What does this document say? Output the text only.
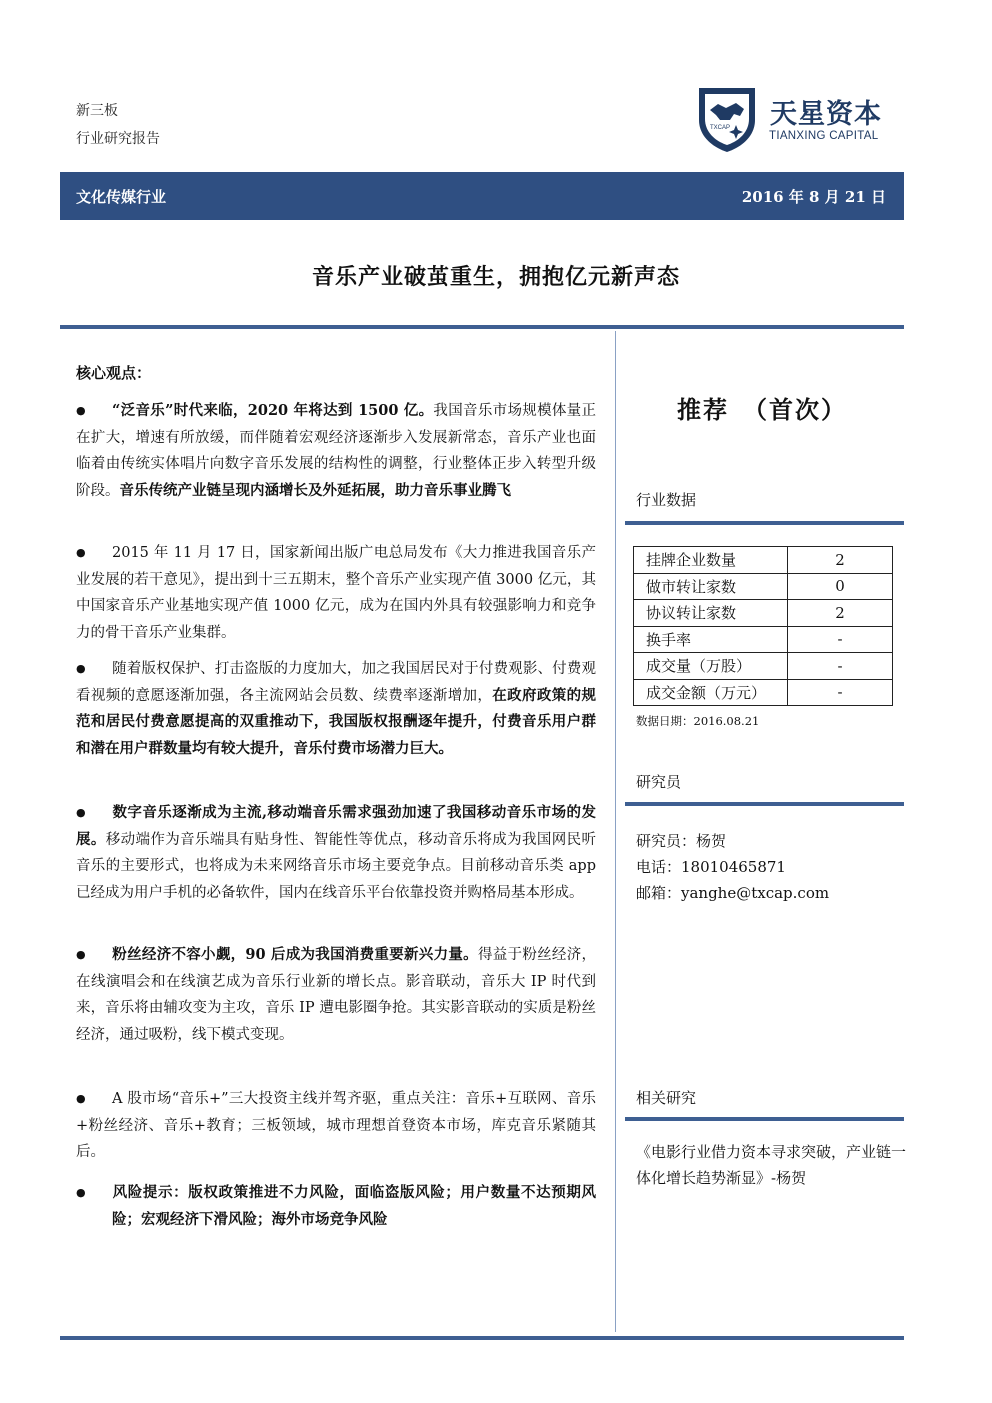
新三板
行业研究报告
TXCAP 天星资本
TIANXING CAPITAL
文化传媒行业	2016 年 8 月 21 日
音乐产业破茧重生，拥抱亿元新声态
核心观点：
● “泛音乐”时代来临，2020 年将达到 1500 亿。我国音乐市场规模体量正在扩大，增速有所放缓，而伴随着宏观经济逐渐步入发展新常态，音乐产业也面临着由传统实体唱片向数字音乐发展的结构性的调整，行业整体正步入转型升级阶段。音乐传统产业链呈现内涵增长及外延拓展，助力音乐事业腾飞
● 2015 年 11 月 17 日，国家新闻出版广电总局发布《大力推进我国音乐产业发展的若干意见》，提出到十三五期末，整个音乐产业实现产值 3000 亿元，其中国家音乐产业基地实现产值 1000 亿元，成为在国内外具有较强影响力和竞争力的骨干音乐产业集群。
● 随着版权保护、打击盗版的力度加大，加之我国居民对于付费观影、付费观看视频的意愿逐渐加强，各主流网站会员数、续费率逐渐增加，在政府政策的规范和居民付费意愿提高的双重推动下，我国版权报酬逐年提升，付费音乐用户群和潜在用户群数量均有较大提升，音乐付费市场潜力巨大。
● 数字音乐逐渐成为主流,移动端音乐需求强劲加速了我国移动音乐市场的发展。移动端作为音乐端具有贴身性、智能性等优点，移动音乐将成为我国网民听音乐的主要形式，也将成为未来网络音乐市场主要竞争点。目前移动音乐类 app 已经成为用户手机的必备软件，国内在线音乐平台依靠投资并购格局基本形成。
● 粉丝经济不容小觑，90 后成为我国消费重要新兴力量。得益于粉丝经济，在线演唱会和在线演艺成为音乐行业新的增长点。影音联动，音乐大 IP 时代到来，音乐将由辅攻变为主攻，音乐 IP 遭电影圈争抢。其实影音联动的实质是粉丝经济，通过吸粉，线下模式变现。
● A 股市场“音乐+”三大投资主线并驾齐驱，重点关注：音乐+互联网、音乐+粉丝经济、音乐+教育；三板领域，城市理想首登资本市场，库克音乐紧随其后。
● 风险提示：版权政策推进不力风险，面临盗版风险；用户数量不达预期风险；宏观经济下滑风险；海外市场竞争风险
推荐　（首次）
行业数据
挂牌企业数量	2
做市转让家数	0
协议转让家数	2
换手率	-
成交量（万股）	-
成交金额（万元）	-
数据日期：2016.08.21
研究员
研究员：杨贺
电话：18010465871
邮箱：yanghe@txcap.com
相关研究
《电影行业借力资本寻求突破，产业链一体化增长趋势渐显》-杨贺
